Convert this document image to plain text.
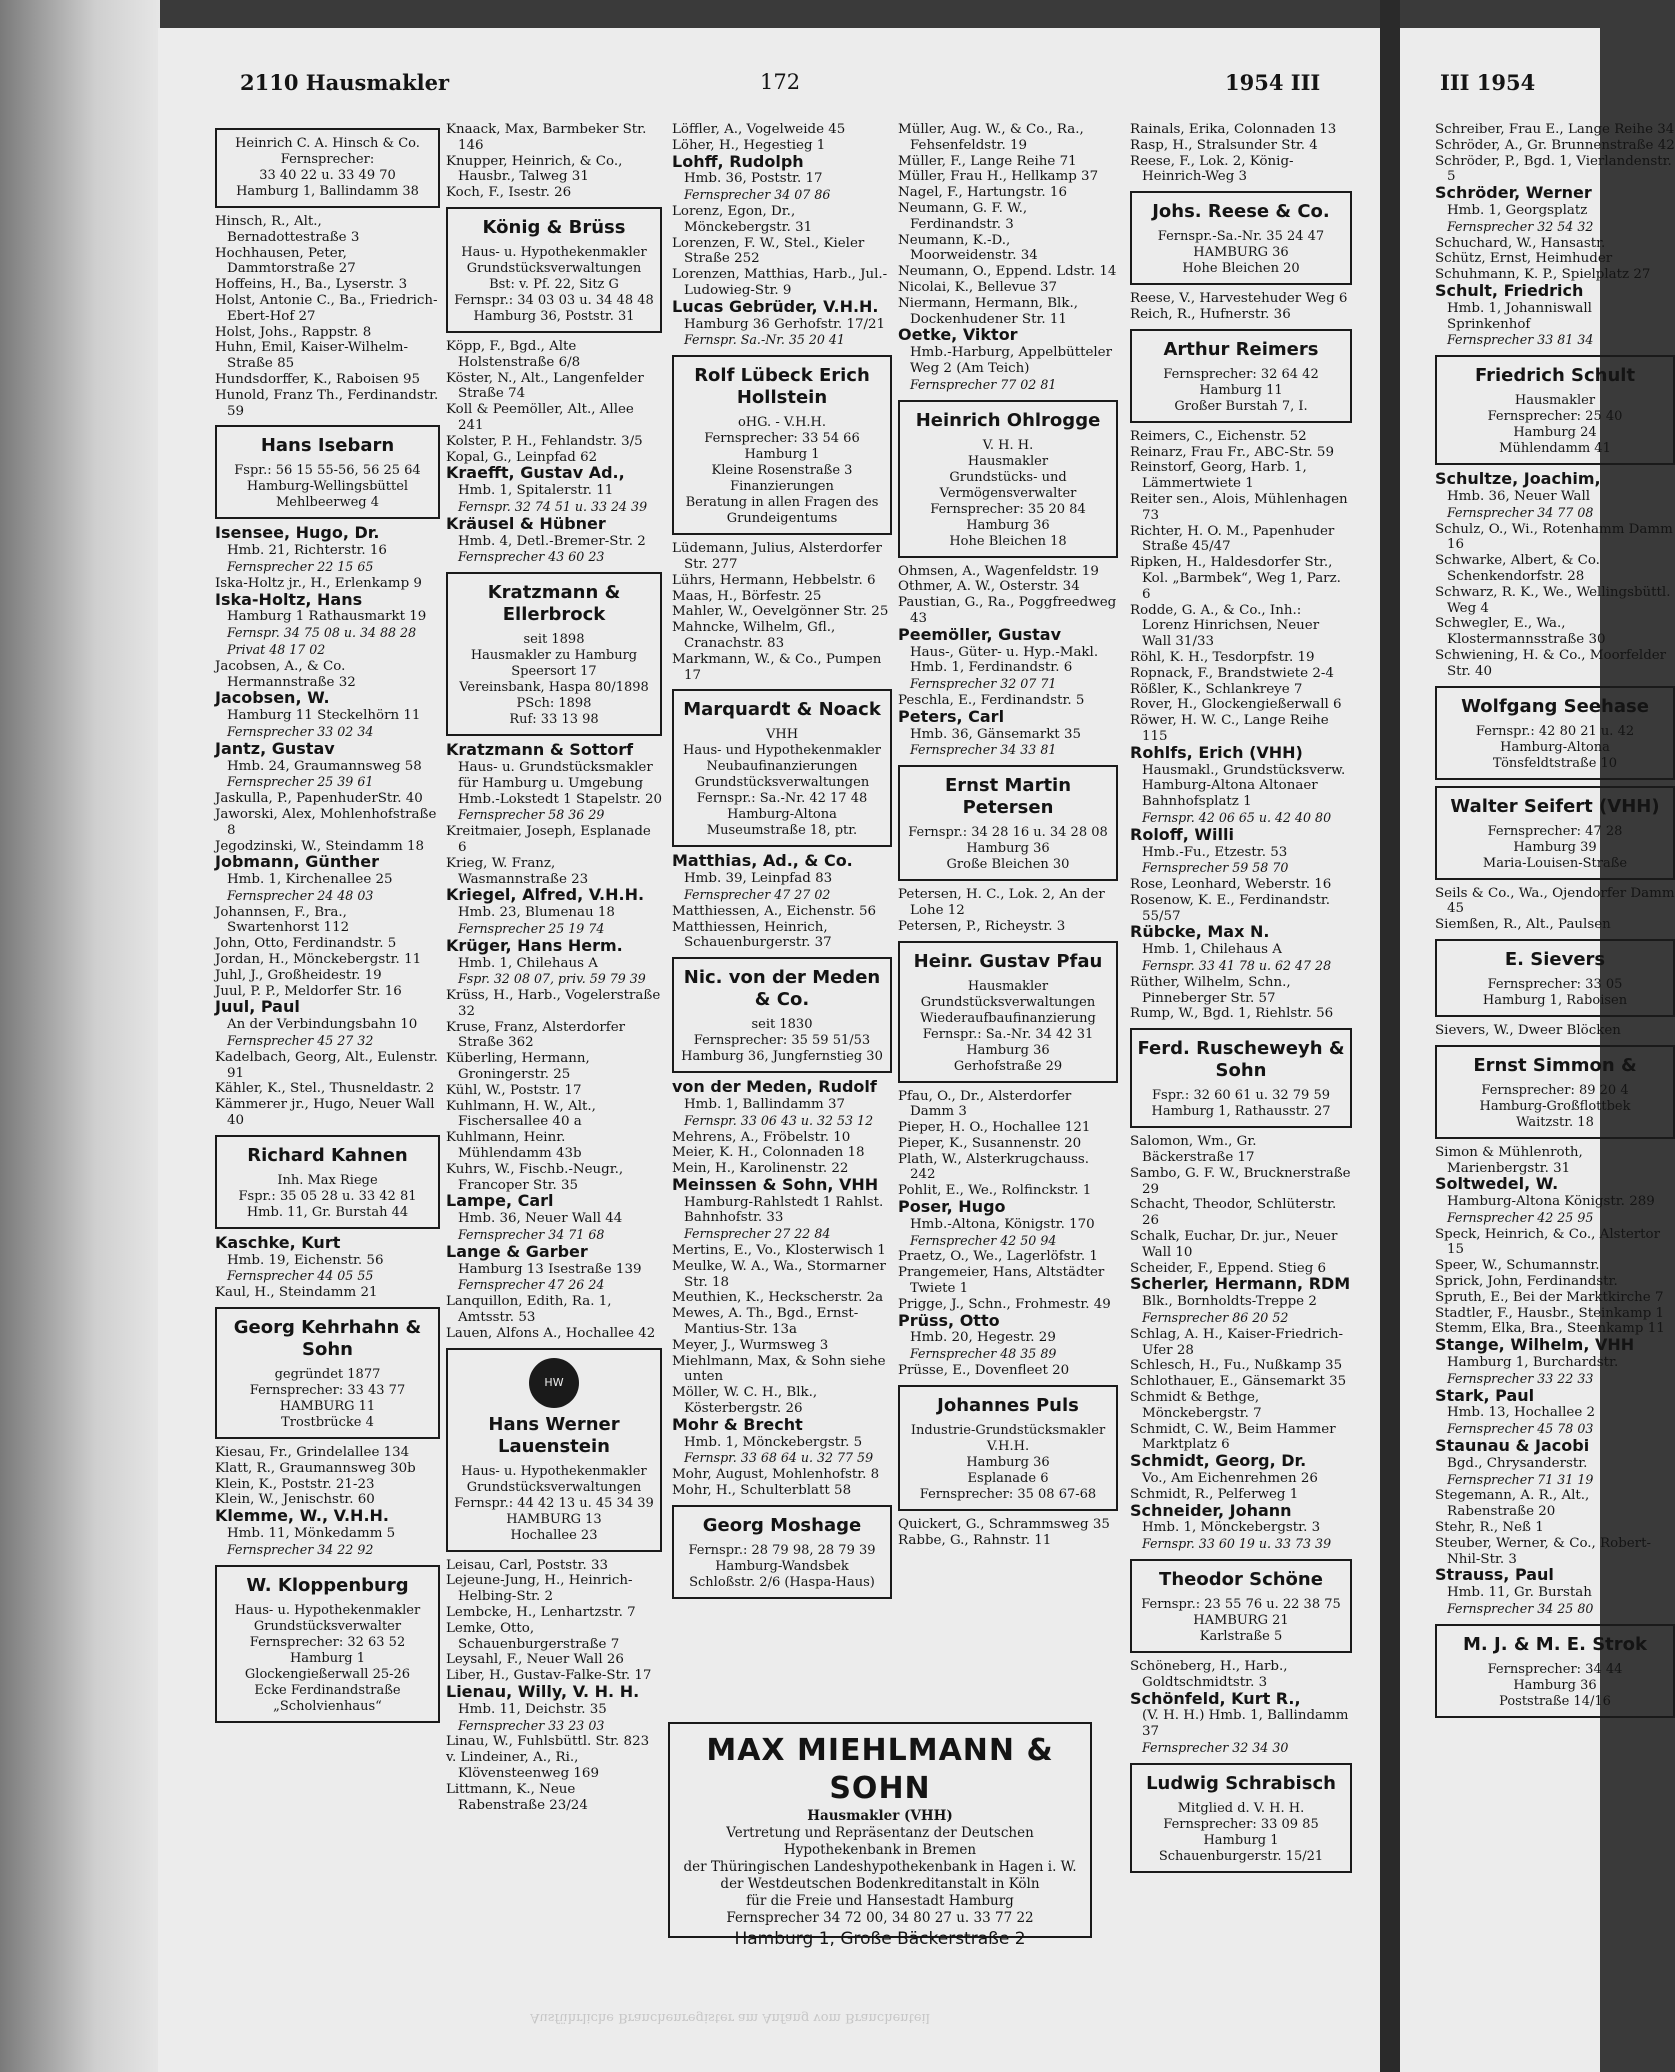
2110 Hausmakler	172	1954 III	III 1954
Heinrich C. A. Hinsch & Co.
Fernsprecher:
33 40 22 u. 33 49 70
Hamburg 1, Ballindamm 38

Hinsch, R., Alt., Bernadottestraße 3

Hochhausen, Peter, Dammtorstraße 27

Hoffeins, H., Ba., Lyserstr. 3

Holst, Antonie C., Ba., Friedrich-Ebert-Hof 27

Holst, Johs., Rappstr. 8

Huhn, Emil, Kaiser-Wilhelm-Straße 85

Hundsdorffer, K., Raboisen 95

Hunold, Franz Th., Ferdinandstr. 59

Hans Isebarn
Fspr.: 56 15 55-56, 56 25 64
Hamburg-Wellingsbüttel
Mehlbeerweg 4

Isensee, Hugo, Dr.
Hmb. 21, Richterstr. 16
Fernsprecher 22 15 65

Iska-Holtz jr., H., Erlenkamp 9

Iska-Holtz, Hans
Hamburg 1 Rathausmarkt 19
Fernspr. 34 75 08 u. 34 88 28 Privat 48 17 02

Jacobsen, A., & Co. Hermannstraße 32

Jacobsen, W.
Hamburg 11 Steckelhörn 11
Fernsprecher 33 02 34

Jantz, Gustav
Hmb. 24, Graumannsweg 58
Fernsprecher 25 39 61

Jaskulla, P., PapenhuderStr. 40

Jaworski, Alex, Mohlenhofstraße 8

Jegodzinski, W., Steindamm 18

Jobmann, Günther
Hmb. 1, Kirchenallee 25
Fernsprecher 24 48 03

Johannsen, F., Bra., Swartenhorst 112

John, Otto, Ferdinandstr. 5

Jordan, H., Mönckebergstr. 11

Juhl, J., Großheidestr. 19

Juul, P. P., Meldorfer Str. 16

Juul, Paul
An der Verbindungsbahn 10
Fernsprecher 45 27 32

Kadelbach, Georg, Alt., Eulenstr. 91

Kähler, K., Stel., Thusneldastr. 2

Kämmerer jr., Hugo, Neuer Wall 40

Richard Kahnen
Inh. Max Riege
Fspr.: 35 05 28 u. 33 42 81
Hmb. 11, Gr. Burstah 44

Kaschke, Kurt
Hmb. 19, Eichenstr. 56
Fernsprecher 44 05 55

Kaul, H., Steindamm 21

Georg Kehrhahn & Sohn
gegründet 1877
Fernsprecher: 33 43 77
HAMBURG 11
Trostbrücke 4

Kiesau, Fr., Grindelallee 134

Klatt, R., Graumannsweg 30b

Klein, K., Poststr. 21-23

Klein, W., Jenischstr. 60

Klemme, W., V.H.H.
Hmb. 11, Mönkedamm 5
Fernsprecher 34 22 92

W. Kloppenburg
Haus- u. Hypothekenmakler
Grundstücksverwalter
Fernsprecher: 32 63 52
Hamburg 1
Glockengießerwall 25-26
Ecke Ferdinandstraße
„Scholvienhaus“

Knaack, Max, Barmbeker Str. 146

Knupper, Heinrich, & Co., Hausbr., Talweg 31

Koch, F., Isestr. 26

König & Brüss
Haus- u. Hypothekenmakler
Grundstücksverwaltungen
Bst: v. Pf. 22, Sitz G
Fernspr.: 34 03 03 u. 34 48 48
Hamburg 36, Poststr. 31

Köpp, F., Bgd., Alte Holstenstraße 6/8

Köster, N., Alt., Langenfelder Straße 74

Koll & Peemöller, Alt., Allee 241

Kolster, P. H., Fehlandstr. 3/5

Kopal, G., Leinpfad 62

Kraefft, Gustav Ad.,
Hmb. 1, Spitalerstr. 11
Fernspr. 32 74 51 u. 33 24 39

Kräusel & Hübner
Hmb. 4, Detl.-Bremer-Str. 2
Fernsprecher 43 60 23

Kratzmann & Ellerbrock
seit 1898
Hausmakler zu Hamburg
Speersort 17
Vereinsbank, Haspa 80/1898
PSch: 1898
Ruf: 33 13 98

Kratzmann & Sottorf
Haus- u. Grundstücksmakler für Hamburg u. Umgebung Hmb.-Lokstedt 1 Stapelstr. 20
Fernsprecher 58 36 29

Kreitmaier, Joseph, Esplanade 6

Krieg, W. Franz, Wasmannstraße 23

Kriegel, Alfred, V.H.H.
Hmb. 23, Blumenau 18
Fernsprecher 25 19 74

Krüger, Hans Herm.
Hmb. 1, Chilehaus A
Fspr. 32 08 07, priv. 59 79 39

Krüss, H., Harb., Vogelerstraße 32

Kruse, Franz, Alsterdorfer Straße 362

Küberling, Hermann, Groningerstr. 25

Kühl, W., Poststr. 17

Kuhlmann, H. W., Alt., Fischersallee 40 a

Kuhlmann, Heinr. Mühlendamm 43b

Kuhrs, W., Fischb.-Neugr., Francoper Str. 35

Lampe, Carl
Hmb. 36, Neuer Wall 44
Fernsprecher 34 71 68

Lange & Garber
Hamburg 13 Isestraße 139
Fernsprecher 47 26 24

Lanquillon, Edith, Ra. 1, Amtsstr. 53

Lauen, Alfons A., Hochallee 42

HW
Hans Werner Lauenstein
Haus- u. Hypothekenmakler
Grundstücksverwaltungen
Fernspr.: 44 42 13 u. 45 34 39
HAMBURG 13
Hochallee 23

Leisau, Carl, Poststr. 33

Lejeune-Jung, H., Heinrich-Helbing-Str. 2

Lembcke, H., Lenhartzstr. 7

Lemke, Otto, Schauenburgerstraße 7

Leysahl, F., Neuer Wall 26

Liber, H., Gustav-Falke-Str. 17

Lienau, Willy, V. H. H.
Hmb. 11, Deichstr. 35
Fernsprecher 33 23 03

Linau, W., Fuhlsbüttl. Str. 823

v. Lindeiner, A., Ri., Klövensteenweg 169

Littmann, K., Neue Rabenstraße 23/24

Löffler, A., Vogelweide 45

Löher, H., Hegestieg 1

Lohff, Rudolph
Hmb. 36, Poststr. 17
Fernsprecher 34 07 86

Lorenz, Egon, Dr., Mönckebergstr. 31

Lorenzen, F. W., Stel., Kieler Straße 252

Lorenzen, Matthias, Harb., Jul.-Ludowieg-Str. 9

Lucas Gebrüder, V.H.H.
Hamburg 36 Gerhofstr. 17/21
Fernspr. Sa.-Nr. 35 20 41

Rolf Lübeck Erich Hollstein
oHG. - V.H.H.
Fernsprecher: 33 54 66
Hamburg 1
Kleine Rosenstraße 3
Finanzierungen
Beratung in allen Fragen des Grundeigentums

Lüdemann, Julius, Alsterdorfer Str. 277

Lührs, Hermann, Hebbelstr. 6

Maas, H., Börfestr. 25

Mahler, W., Oevelgönner Str. 25

Mahncke, Wilhelm, Gfl., Cranachstr. 83

Markmann, W., & Co., Pumpen 17

Marquardt & Noack
VHH
Haus- und Hypothekenmakler
Neubaufinanzierungen
Grundstücksverwaltungen
Fernspr.: Sa.-Nr. 42 17 48
Hamburg-Altona
Museumstraße 18, ptr.

Matthias, Ad., & Co.
Hmb. 39, Leinpfad 83
Fernsprecher 47 27 02

Matthiessen, A., Eichenstr. 56

Matthiessen, Heinrich, Schauenburgerstr. 37

Nic. von der Meden & Co.
seit 1830
Fernsprecher: 35 59 51/53
Hamburg 36, Jungfernstieg 30

von der Meden, Rudolf
Hmb. 1, Ballindamm 37
Fernspr. 33 06 43 u. 32 53 12

Mehrens, A., Fröbelstr. 10

Meier, K. H., Colonnaden 18

Mein, H., Karolinenstr. 22

Meinssen & Sohn, VHH
Hamburg-Rahlstedt 1 Rahlst. Bahnhofstr. 33
Fernsprecher 27 22 84

Mertins, E., Vo., Klosterwisch 1

Meulke, W. A., Wa., Stormarner Str. 18

Meuthien, K., Heckscherstr. 2a

Mewes, A. Th., Bgd., Ernst-Mantius-Str. 13a

Meyer, J., Wurmsweg 3

Miehlmann, Max, & Sohn siehe unten

Möller, W. C. H., Blk., Kösterbergstr. 26

Mohr & Brecht
Hmb. 1, Mönckebergstr. 5
Fernspr. 33 68 64 u. 32 77 59

Mohr, August, Mohlenhofstr. 8

Mohr, H., Schulterblatt 58

Georg Moshage
Fernspr.: 28 79 98, 28 79 39
Hamburg-Wandsbek
Schloßstr. 2/6 (Haspa-Haus)

Müller, Aug. W., & Co., Ra., Fehsenfeldstr. 19

Müller, F., Lange Reihe 71

Müller, Frau H., Hellkamp 37

Nagel, F., Hartungstr. 16

Neumann, G. F. W., Ferdinandstr. 3

Neumann, K.-D., Moorweidenstr. 34

Neumann, O., Eppend. Ldstr. 14

Nicolai, K., Bellevue 37

Niermann, Hermann, Blk., Dockenhudener Str. 11

Oetke, Viktor
Hmb.-Harburg, Appelbütteler Weg 2 (Am Teich)
Fernsprecher 77 02 81

Heinrich Ohlrogge
V. H. H.
Hausmakler
Grundstücks- und
Vermögensverwalter
Fernsprecher: 35 20 84
Hamburg 36
Hohe Bleichen 18

Ohmsen, A., Wagenfeldstr. 19

Othmer, A. W., Osterstr. 34

Paustian, G., Ra., Poggfreedweg 43

Peemöller, Gustav
Haus-, Güter- u. Hyp.-Makl. Hmb. 1, Ferdinandstr. 6
Fernsprecher 32 07 71

Peschla, E., Ferdinandstr. 5

Peters, Carl
Hmb. 36, Gänsemarkt 35
Fernsprecher 34 33 81

Ernst Martin Petersen
Fernspr.: 34 28 16 u. 34 28 08
Hamburg 36
Große Bleichen 30

Petersen, H. C., Lok. 2, An der Lohe 12

Petersen, P., Richeystr. 3

Heinr. Gustav Pfau
Hausmakler
Grundstücksverwaltungen
Wiederaufbaufinanzierung
Fernspr.: Sa.-Nr. 34 42 31
Hamburg 36
Gerhofstraße 29

Pfau, O., Dr., Alsterdorfer Damm 3

Pieper, H. O., Hochallee 121

Pieper, K., Susannenstr. 20

Plath, W., Alsterkrugchauss. 242

Pohlit, E., We., Rolfinckstr. 1

Poser, Hugo
Hmb.-Altona, Königstr. 170
Fernsprecher 42 50 94

Praetz, O., We., Lagerlöfstr. 1

Prangemeier, Hans, Altstädter Twiete 1

Prigge, J., Schn., Frohmestr. 49

Prüss, Otto
Hmb. 20, Hegestr. 29
Fernsprecher 48 35 89

Prüsse, E., Dovenfleet 20

Johannes Puls
Industrie-Grundstücksmakler
V.H.H.
Hamburg 36
Esplanade 6
Fernsprecher: 35 08 67-68

Quickert, G., Schrammsweg 35

Rabbe, G., Rahnstr. 11

Rainals, Erika, Colonnaden 13

Rasp, H., Stralsunder Str. 4

Reese, F., Lok. 2, König-Heinrich-Weg 3

Johs. Reese & Co.
Fernspr.-Sa.-Nr. 35 24 47
HAMBURG 36
Hohe Bleichen 20

Reese, V., Harvestehuder Weg 6

Reich, R., Hufnerstr. 36

Arthur Reimers
Fernsprecher: 32 64 42
Hamburg 11
Großer Burstah 7, I.

Reimers, C., Eichenstr. 52

Reinarz, Frau Fr., ABC-Str. 59

Reinstorf, Georg, Harb. 1, Lämmertwiete 1

Reiter sen., Alois, Mühlenhagen 73

Richter, H. O. M., Papenhuder Straße 45/47

Ripken, H., Haldesdorfer Str., Kol. „Barmbek“, Weg 1, Parz. 6

Rodde, G. A., & Co., Inh.: Lorenz Hinrichsen, Neuer Wall 31/33

Röhl, K. H., Tesdorpfstr. 19

Ropnack, F., Brandstwiete 2-4

Rößler, K., Schlankreye 7

Rover, H., Glockengießerwall 6

Röwer, H. W. C., Lange Reihe 115

Rohlfs, Erich (VHH)
Hausmakl., Grundstücksverw. Hamburg-Altona Altonaer Bahnhofsplatz 1
Fernspr. 42 06 65 u. 42 40 80

Roloff, Willi
Hmb.-Fu., Etzestr. 53
Fernsprecher 59 58 70

Rose, Leonhard, Weberstr. 16

Rosenow, K. E., Ferdinandstr. 55/57

Rübcke, Max N.
Hmb. 1, Chilehaus A
Fernspr. 33 41 78 u. 62 47 28

Rüther, Wilhelm, Schn., Pinneberger Str. 57

Rump, W., Bgd. 1, Riehlstr. 56

Ferd. Ruscheweyh & Sohn
Fspr.: 32 60 61 u. 32 79 59
Hamburg 1, Rathausstr. 27

Salomon, Wm., Gr. Bäckerstraße 17

Sambo, G. F. W., Brucknerstraße 29

Schacht, Theodor, Schlüterstr. 26

Schalk, Euchar, Dr. jur., Neuer Wall 10

Scheider, F., Eppend. Stieg 6

Scherler, Hermann, RDM
Blk., Bornholdts-Treppe 2
Fernsprecher 86 20 52

Schlag, A. H., Kaiser-Friedrich-Ufer 28

Schlesch, H., Fu., Nußkamp 35

Schlothauer, E., Gänsemarkt 35

Schmidt & Bethge, Mönckebergstr. 7

Schmidt, C. W., Beim Hammer Marktplatz 6

Schmidt, Georg, Dr.
Vo., Am Eichenrehmen 26

Schmidt, R., Pelferweg 1

Schneider, Johann
Hmb. 1, Mönckebergstr. 3
Fernspr. 33 60 19 u. 33 73 39

Theodor Schöne
Fernspr.: 23 55 76 u. 22 38 75
HAMBURG 21
Karlstraße 5

Schöneberg, H., Harb., Goldtschmidtstr. 3

Schönfeld, Kurt R.,
(V. H. H.) Hmb. 1, Ballindamm 37
Fernsprecher 32 34 30

Ludwig Schrabisch
Mitglied d. V. H. H.
Fernsprecher: 33 09 85
Hamburg 1
Schauenburgerstr. 15/21

Schreiber, Frau E., Lange Reihe 34

Schröder, A., Gr. Brunnenstraße 42

Schröder, P., Bgd. 1, Vierlandenstr. 5

Schröder, Werner
Hmb. 1, Georgsplatz
Fernsprecher 32 54 32

Schuchard, W., Hansastr.

Schütz, Ernst, Heimhuder

Schuhmann, K. P., Spielplatz 27

Schult, Friedrich
Hmb. 1, Johanniswall Sprinkenhof
Fernsprecher 33 81 34

Friedrich Schult
Hausmakler
Fernsprecher: 25 40
Hamburg 24
Mühlendamm 41

Schultze, Joachim,
Hmb. 36, Neuer Wall
Fernsprecher 34 77 08

Schulz, O., Wi., Rotenhamm Damm 16

Schwarke, Albert, & Co. Schenkendorfstr. 28

Schwarz, R. K., We., Wellingsbüttl. Weg 4

Schwegler, E., Wa., Klostermannsstraße 30

Schwiening, H. & Co., Moorfelder Str. 40

Wolfgang Seehase
Fernspr.: 42 80 21 u. 42
Hamburg-Altona
Tönsfeldtstraße 10
Walter Seifert (VHH)
Fernsprecher: 47 28
Hamburg 39
Maria-Louisen-Straße

Seils & Co., Wa., Ojendorfer Damm 45

Siemßen, R., Alt., Paulsen

E. Sievers
Fernsprecher: 33 05
Hamburg 1, Raboisen

Sievers, W., Dweer Blöcken

Ernst Simmon &
Fernsprecher: 89 20 4
Hamburg-Großflottbek
Waitzstr. 18

Simon & Mühlenroth, Marienbergstr. 31

Soltwedel, W.
Hamburg-Altona Königstr. 289
Fernsprecher 42 25 95

Speck, Heinrich, & Co., Alstertor 15

Speer, W., Schumannstr.

Sprick, John, Ferdinandstr.

Spruth, E., Bei der Marktkirche 7

Stadtler, F., Hausbr., Steinkamp 1

Stemm, Elka, Bra., Steenkamp 11

Stange, Wilhelm, VHH
Hamburg 1, Burchardstr.
Fernsprecher 33 22 33

Stark, Paul
Hmb. 13, Hochallee 2
Fernsprecher 45 78 03

Staunau & Jacobi
Bgd., Chrysanderstr.
Fernsprecher 71 31 19

Stegemann, A. R., Alt., Rabenstraße 20

Stehr, R., Neß 1

Steuber, Werner, & Co., Robert-Nhil-Str. 3

Strauss, Paul
Hmb. 11, Gr. Burstah
Fernsprecher 34 25 80

M. J. & M. E. Strok
Fernsprecher: 34 44
Hamburg 36
Poststraße 14/16
MAX MIEHLMANN & SOHN
Hausmakler (VHH)
Vertretung und Repräsentanz der Deutschen Hypothekenbank in Bremen
der Thüringischen Landeshypothekenbank in Hagen i. W.
der Westdeutschen Bodenkreditanstalt in Köln
für die Freie und Hansestadt Hamburg
Fernsprecher 34 72 00, 34 80 27 u. 33 77 22
Hamburg 1, Große Bäckerstraße 2
Ausführliche Branchenregister am Anfang vom Branchenteil
